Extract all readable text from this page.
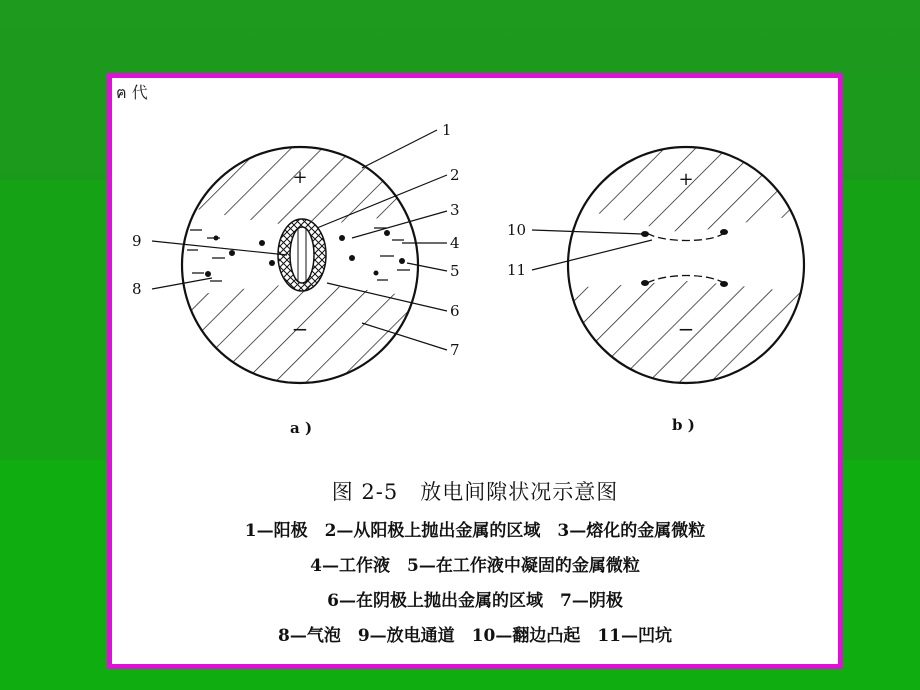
ฅ 代
+
−
1
2
3
4
5
6
7
9
8
a )
+
−
10
11
b )
图 2-5　放电间隙状况示意图
1—阳极　2—从阳极上抛出金属的区域　3—熔化的金属微粒
4—工作液　5—在工作液中凝固的金属微粒
6—在阴极上抛出金属的区域　7—阴极
8—气泡　9—放电通道　10—翻边凸起　11—凹坑
